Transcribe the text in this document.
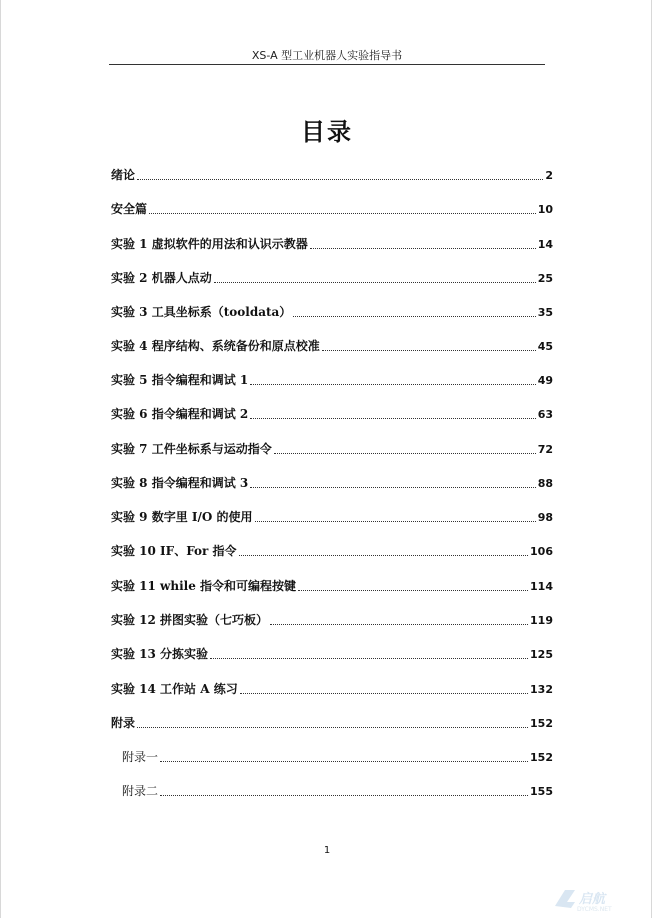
XS-A 型工业机器人实验指导书
目录
绪论	2
安全篇	10
实验 1 虚拟软件的用法和认识示教器	14
实验 2 机器人点动	25
实验 3 工具坐标系（tooldata）	35
实验 4 程序结构、系统备份和原点校准	45
实验 5 指令编程和调试 1	49
实验 6 指令编程和调试 2	63
实验 7 工件坐标系与运动指令	72
实验 8 指令编程和调试 3	88
实验 9 数字里 I/O 的使用	98
实验 10 IF、For 指令	106
实验 11 while 指令和可编程按键	114
实验 12 拼图实验（七巧板）	119
实验 13 分拣实验	125
实验 14 工作站 A 练习	132
附录	152
附录一	152
附录二	155
1
启航
DYCMS.NET
